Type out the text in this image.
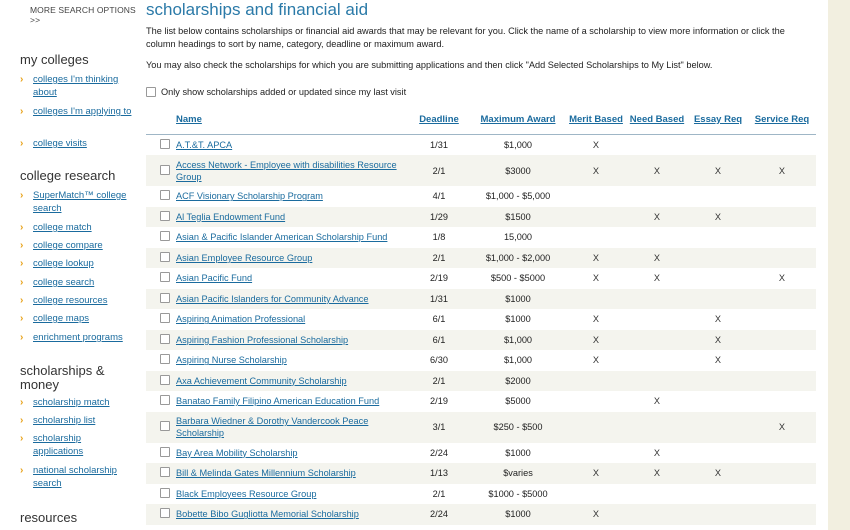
MORE SEARCH OPTIONS >>
my colleges
› colleges I'm thinking about
› colleges I'm applying to
› college visits
college research
› SuperMatch™ college search
› college match
› college compare
› college lookup
› college search
› college resources
› college maps
› enrichment programs
scholarships & money
› scholarship match
› scholarship list
› scholarship applications
› national scholarship search
resources
scholarships and financial aid
The list below contains scholarships or financial aid awards that may be relevant for you. Click the name of a scholarship to view more information or click the column headings to sort by name, category, deadline or maximum award.
You may also check the scholarships for which you are submitting applications and then click "Add Selected Scholarships to My List" below.
Only show scholarships added or updated since my last visit
	Name	Deadline	Maximum Award	Merit Based	Need Based	Essay Req	Service Req

	A.T.&T. APCA	1/31	$1,000	X			

	Access Network - Employee with disabilities Resource Group	2/1	$3000	X	X	X	X

	ACF Visionary Scholarship Program	4/1	$1,000 - $5,000				

	Al Teglia Endowment Fund	1/29	$1500		X	X	

	Asian & Pacific Islander American Scholarship Fund	1/8	15,000				

	Asian Employee Resource Group	2/1	$1,000 - $2,000	X	X		

	Asian Pacific Fund	2/19	$500 - $5000	X	X		X

	Asian Pacific Islanders for Community Advance	1/31	$1000				

	Aspiring Animation Professional	6/1	$1000	X		X	

	Aspiring Fashion Professional Scholarship	6/1	$1,000	X		X	

	Aspiring Nurse Scholarship	6/30	$1,000	X		X	

	Axa Achievement Community Scholarship	2/1	$2000				

	Banatao Family Filipino American Education Fund	2/19	$5000		X		

	Barbara Wiedner & Dorothy Vandercook Peace Scholarship	3/1	$250 - $500				X

	Bay Area Mobility Scholarship	2/24	$1000		X		

	Bill & Melinda Gates Millennium Scholarship	1/13	$varies	X	X	X	

	Black Employees Resource Group	2/1	$1000 - $5000				

	Bobette Bibo Gugliotta Memorial Scholarship	2/24	$1000	X			
